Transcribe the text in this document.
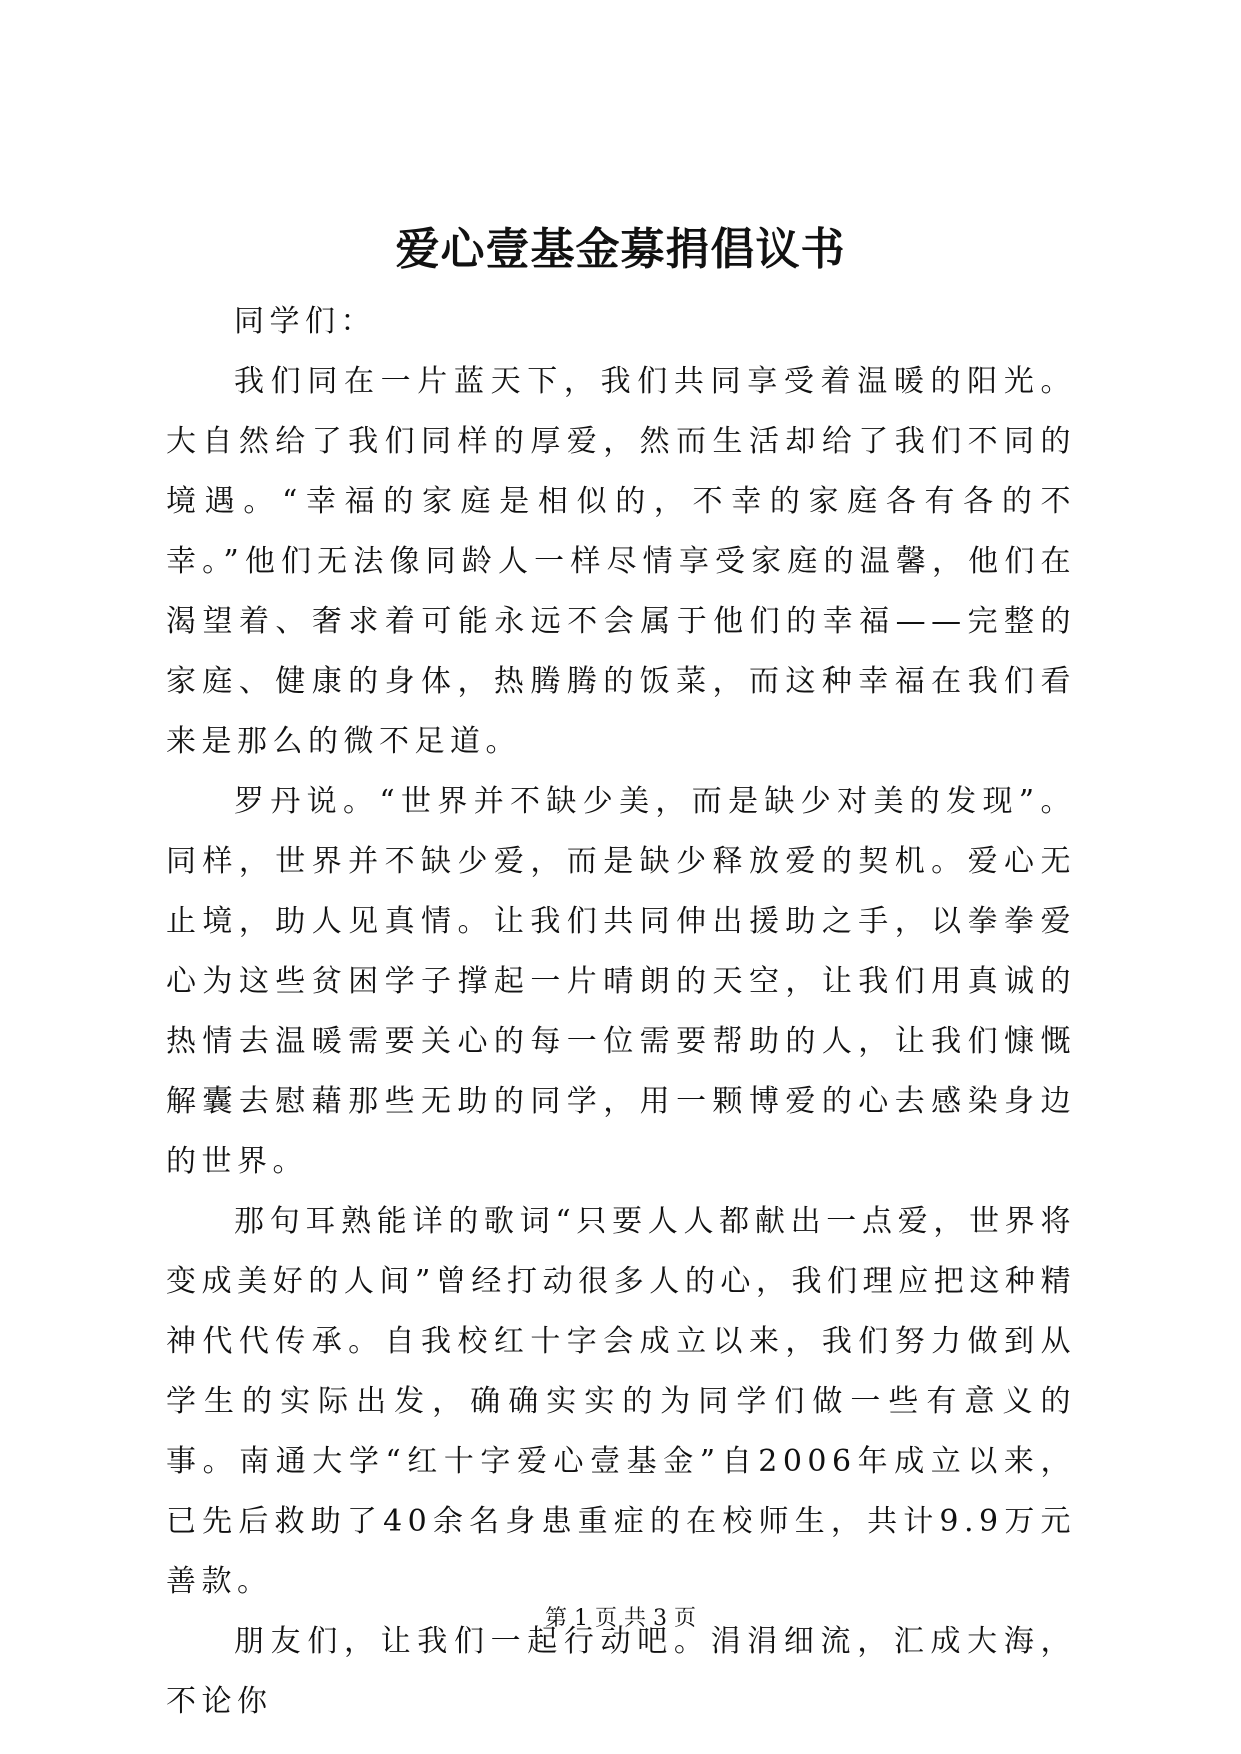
爱心壹基金募捐倡议书

同学们：

我们同在一片蓝天下，我们共同享受着温暖的阳光。大自然给了我们同样的厚爱，然而生活却给了我们不同的境遇。“幸福的家庭是相似的，不幸的家庭各有各的不幸。”他们无法像同龄人一样尽情享受家庭的温馨，他们在渴望着、奢求着可能永远不会属于他们的幸福——完整的家庭、健康的身体，热腾腾的饭菜，而这种幸福在我们看来是那么的微不足道。

罗丹说。“世界并不缺少美，而是缺少对美的发现”。同样，世界并不缺少爱，而是缺少释放爱的契机。爱心无止境，助人见真情。让我们共同伸出援助之手，以拳拳爱心为这些贫困学子撑起一片晴朗的天空，让我们用真诚的热情去温暖需要关心的每一位需要帮助的人，让我们慷慨解囊去慰藉那些无助的同学，用一颗博爱的心去感染身边的世界。

那句耳熟能详的歌词“只要人人都献出一点爱，世界将变成美好的人间”曾经打动很多人的心，我们理应把这种精神代代传承。自我校红十字会成立以来，我们努力做到从学生的实际出发，确确实实的为同学们做一些有意义的事。南通大学“红十字爱心壹基金”自2006年成立以来，已先后救助了40余名身患重症的在校师生，共计9.9万元善款。

朋友们，让我们一起行动吧。涓涓细流，汇成大海，不论你

第 1 页 共 3 页
